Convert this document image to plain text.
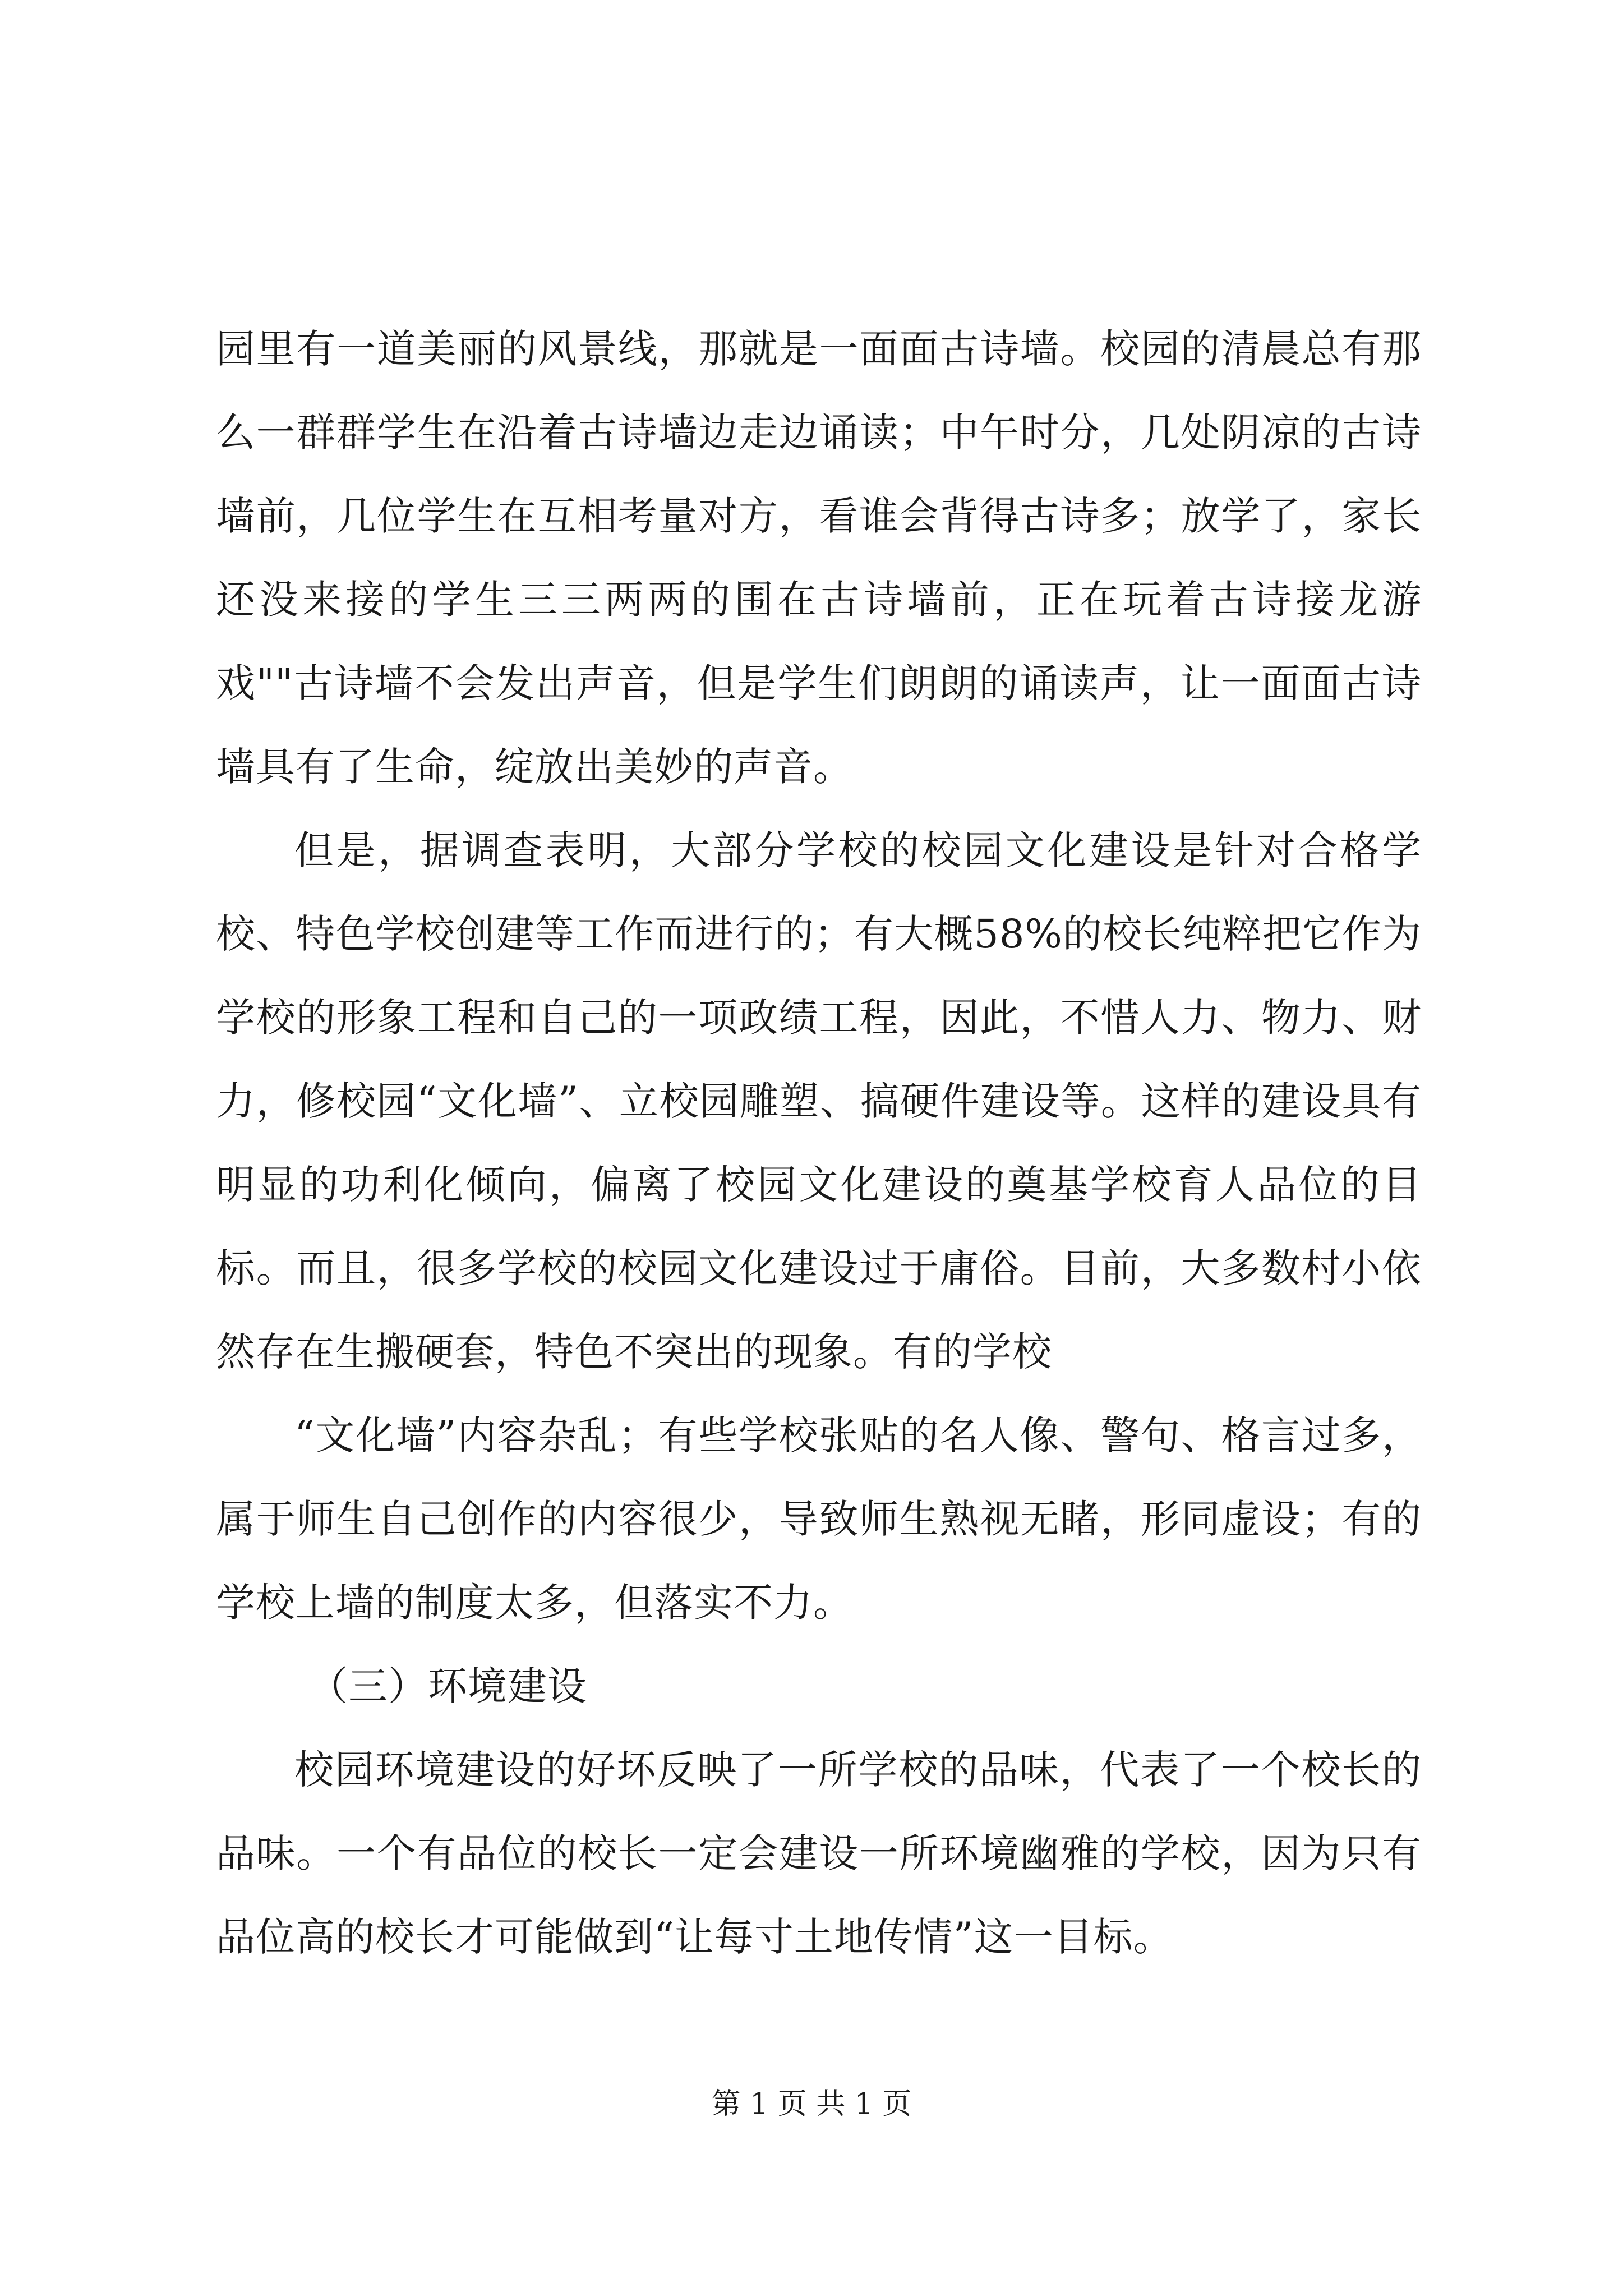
园里有一道美丽的风景线，那就是一面面古诗墙。校园的清晨总有那么一群群学生在沿着古诗墙边走边诵读；中午时分，几处阴凉的古诗墙前，几位学生在互相考量对方，看谁会背得古诗多；放学了，家长还没来接的学生三三两两的围在古诗墙前，正在玩着古诗接龙游戏""古诗墙不会发出声音，但是学生们朗朗的诵读声，让一面面古诗墙具有了生命，绽放出美妙的声音。

但是，据调查表明，大部分学校的校园文化建设是针对合格学校、特色学校创建等工作而进行的；有大概58%的校长纯粹把它作为学校的形象工程和自己的一项政绩工程，因此，不惜人力、物力、财力，修校园“文化墙”、立校园雕塑、搞硬件建设等。这样的建设具有明显的功利化倾向，偏离了校园文化建设的奠基学校育人品位的目标。而且，很多学校的校园文化建设过于庸俗。目前，大多数村小依然存在生搬硬套，特色不突出的现象。有的学校

“文化墙”内容杂乱；有些学校张贴的名人像、警句、格言过多，属于师生自己创作的内容很少，导致师生熟视无睹，形同虚设；有的学校上墙的制度太多，但落实不力。

（三）环境建设

校园环境建设的好坏反映了一所学校的品味，代表了一个校长的品味。一个有品位的校长一定会建设一所环境幽雅的学校，因为只有品位高的校长才可能做到“让每寸土地传情”这一目标。

第 1 页 共 1 页
